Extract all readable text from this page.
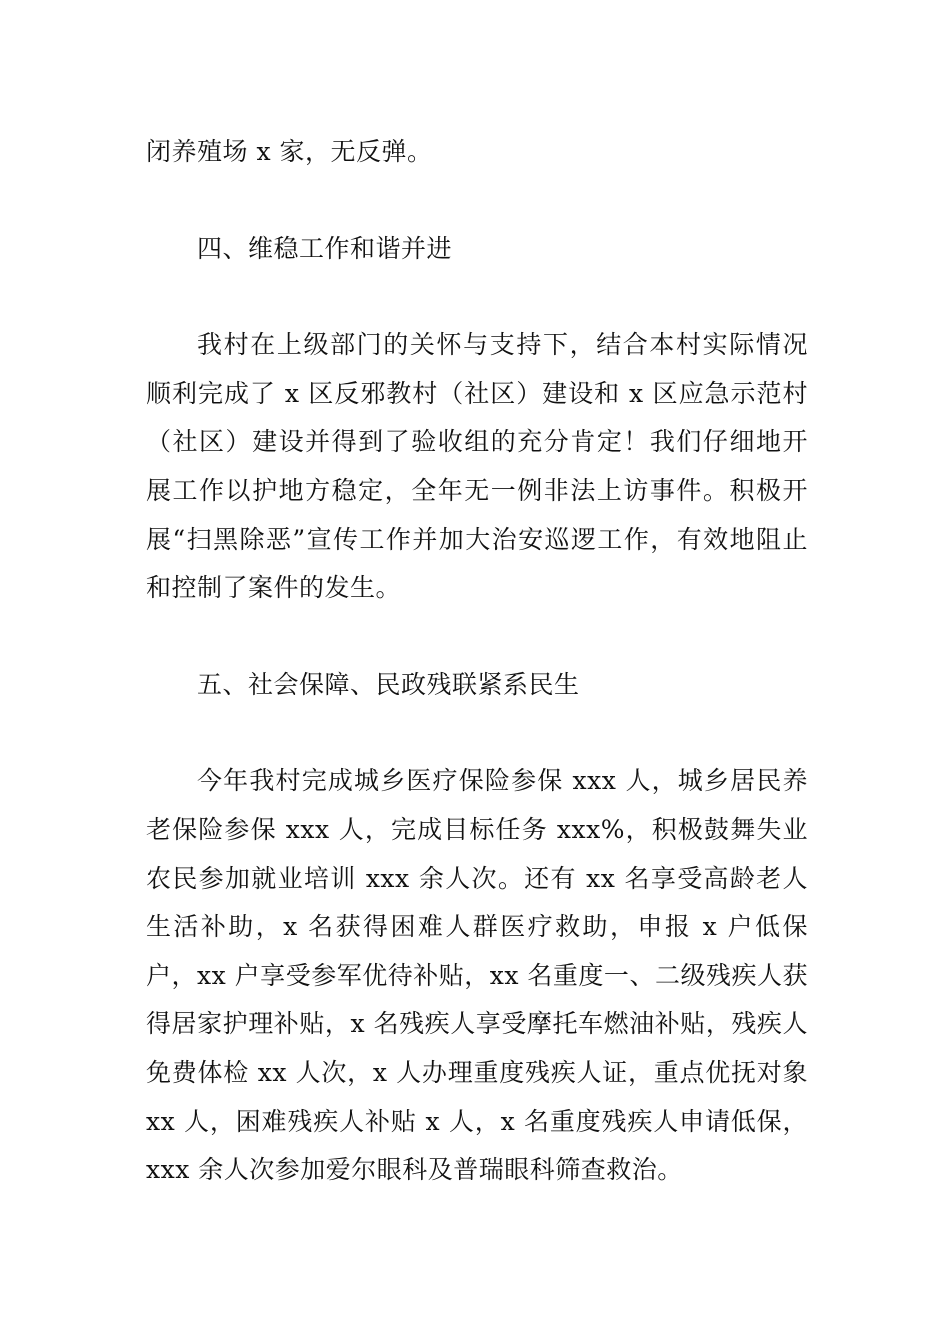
闭养殖场 x 家，无反弹。

四、维稳工作和谐并进

我村在上级部门的关怀与支持下，结合本村实际情况顺利完成了 x 区反邪教村（社区）建设和 x 区应急示范村（社区）建设并得到了验收组的充分肯定！我们仔细地开展工作以护地方稳定，全年无一例非法上访事件。积极开展“扫黑除恶”宣传工作并加大治安巡逻工作，有效地阻止和控制了案件的发生。

五、社会保障、民政残联紧系民生

今年我村完成城乡医疗保险参保 xxx 人，城乡居民养老保险参保 xxx 人，完成目标任务 xxx%，积极鼓舞失业农民参加就业培训 xxx 余人次。还有 xx 名享受高龄老人生活补助，x 名获得困难人群医疗救助，申报 x 户低保户，xx 户享受参军优待补贴，xx 名重度一、二级残疾人获得居家护理补贴，x 名残疾人享受摩托车燃油补贴，残疾人免费体检 xx 人次，x 人办理重度残疾人证，重点优抚对象 xx 人，困难残疾人补贴 x 人，x 名重度残疾人申请低保，xxx 余人次参加爱尔眼科及普瑞眼科筛查救治。
